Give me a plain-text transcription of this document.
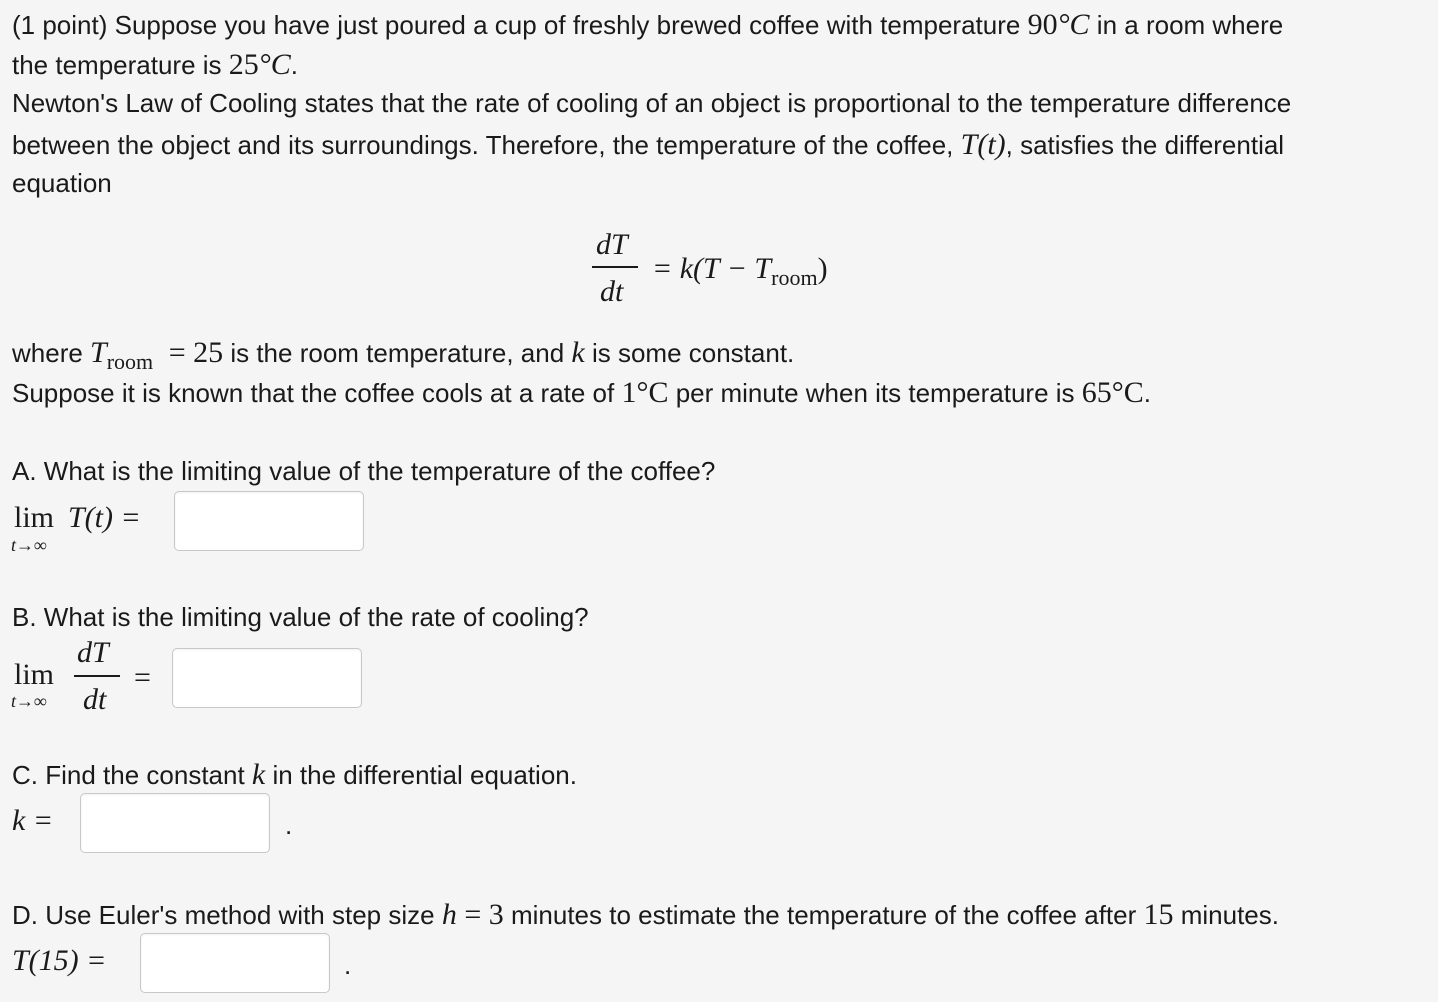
(1 point) Suppose you have just poured a cup of freshly brewed coffee with temperature 90°C in a room where
the temperature is 25°C.
Newton's Law of Cooling states that the rate of cooling of an object is proportional to the temperature difference
between the object and its surroundings. Therefore, the temperature of the coffee, T(t), satisfies the differential
equation
dT
dt
= $k(T - T_{room})$
where $T_{room} = 25$ is the room temperature, and k is some constant.
Suppose it is known that the coffee cools at a rate of 1°C per minute when its temperature is 65°C.
A. What is the limiting value of the temperature of the coffee?
lim
t→∞
T(t) =
B. What is the limiting value of the rate of cooling?
lim
t→∞
dT
dt
=
C. Find the constant k in the differential equation.
k =	.
D. Use Euler's method with step size h = 3 minutes to estimate the temperature of the coffee after 15 minutes.
T(15) =	.
